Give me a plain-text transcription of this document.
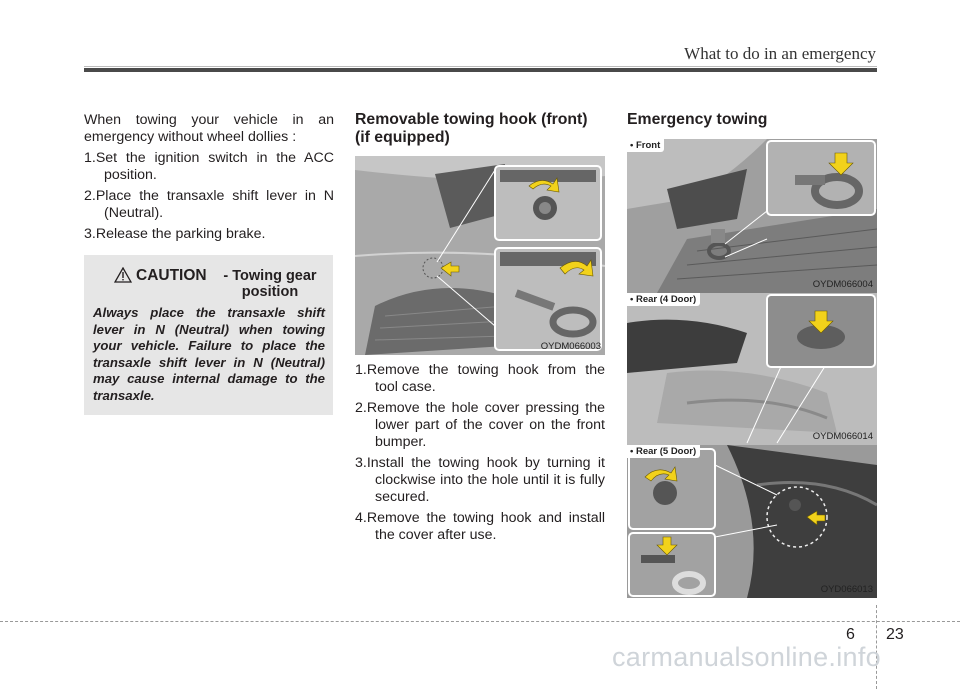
What to do in an emergency

When towing your vehicle in an emergency without wheel dollies :

1.Set the ignition switch in the ACC position.
2.Place the transaxle shift lever in N (Neutral).
3.Release the parking brake.
CAUTION	- Towing gear position
Always place the transaxle shift lever in N (Neutral) when towing your vehicle. Failure to place the transaxle shift lever in N (Neutral) may cause internal damage to the transaxle.
Removable towing hook (front) (if equipped)
OYDM066003
1.Remove the towing hook from the tool case.
2.Remove the hole cover pressing the lower part of the cover on the front bumper.
3.Install the towing hook by turning it clockwise into the hole until it is fully secured.
4.Remove the towing hook and install the cover after use.
Emergency towing
• Front
OYDM066004
• Rear (4 Door)
OYDM066014
• Rear (5 Door)
OYD066013
6 23
carmanualsonline.info
